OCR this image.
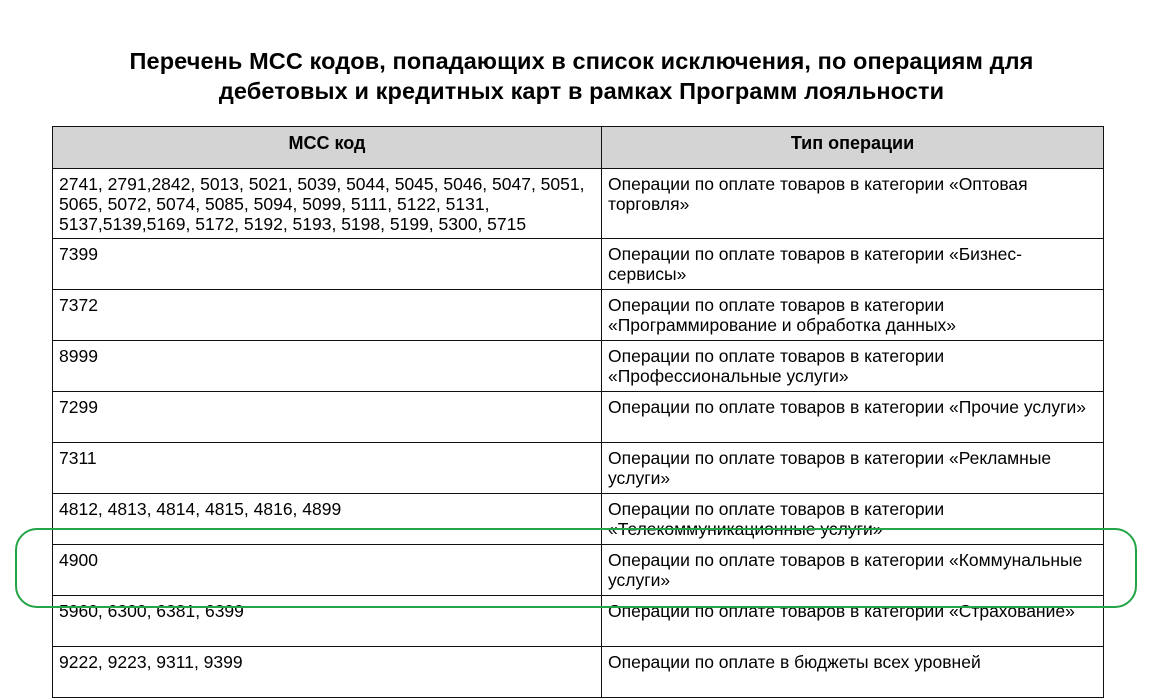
Перечень МСС кодов, попадающих в список исключения, по операциям для
дебетовых и кредитных карт в рамках Программ лояльности
МСС код	Тип операции
2741, 2791,2842, 5013, 5021, 5039, 5044, 5045, 5046, 5047, 5051, 5065, 5072, 5074, 5085, 5094, 5099, 5111, 5122, 5131, 5137,5139,5169, 5172, 5192, 5193, 5198, 5199, 5300, 5715	Операции по оплате товаров в категории «Оптовая торговля»
7399	Операции по оплате товаров в категории «Бизнес-сервисы»
7372	Операции по оплате товаров в категории «Программирование и обработка данных»
8999	Операции по оплате товаров в категории «Профессиональные услуги»
7299	Операции по оплате товаров в категории «Прочие услуги»
7311	Операции по оплате товаров в категории «Рекламные услуги»
4812, 4813, 4814, 4815, 4816, 4899	Операции по оплате товаров в категории «Телекоммуникационные услуги»
4900	Операции по оплате товаров в категории «Коммунальные услуги»
5960, 6300, 6381, 6399	Операции по оплате товаров в категории «Страхование»
9222, 9223, 9311, 9399	Операции по оплате в бюджеты всех уровней
